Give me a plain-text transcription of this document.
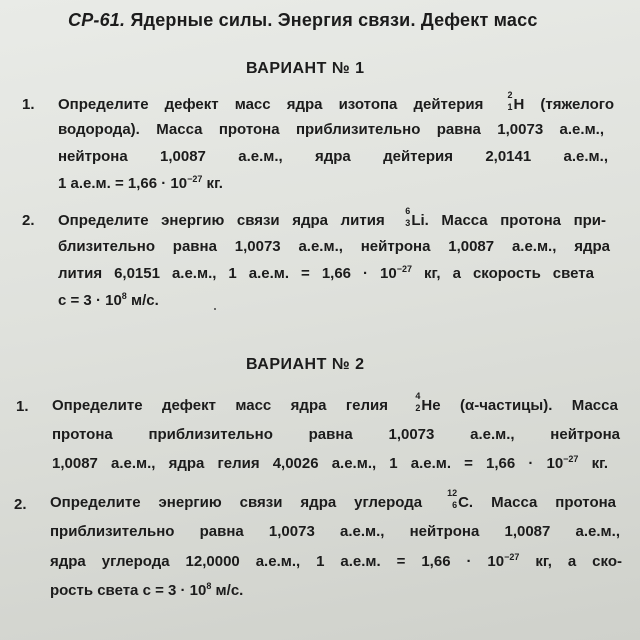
СР-61. Ядерные силы. Энергия связи. Дефект масс
ВАРИАНТ № 1
1. Определите дефект масс ядра изотопа дейтерия
2
1 H (тяжелого
водорода). Масса протона приблизительно равна 1,0073 а.е.м.,
нейтрона 1,0087 а.е.м., ядра дейтерия 2,0141 а.е.м.,
1 а.е.м. = $1,66 \cdot 10^{-27}$ кг.
2. Определите энергию связи ядра лития
6
3 Li. Масса протона при-
близительно равна 1,0073 а.е.м., нейтрона 1,0087 а.е.м., ядра
лития 6,0151 а.е.м., 1 а.е.м. = $1,66 \cdot 10^{-27}$ кг, а скорость света
$c = 3 \cdot 10^8$ м/с.
ВАРИАНТ № 2
1. Определите дефект масс ядра гелия
4
2 He (α-частицы). Масса
протона приблизительно равна 1,0073 а.е.м., нейтрона
1,0087 а.е.м., ядра гелия 4,0026 а.е.м., 1 а.е.м. = $1,66 \cdot 10^{-27}$ кг.
2. Определите энергию связи ядра углерода
12
6 C. Масса протона
приблизительно равна 1,0073 а.е.м., нейтрона 1,0087 а.е.м.,
ядра углерода 12,0000 а.е.м., 1 а.е.м. = $1,66 \cdot 10^{-27}$ кг, а ско-
рость света $c = 3 \cdot 10^8$ м/с.
